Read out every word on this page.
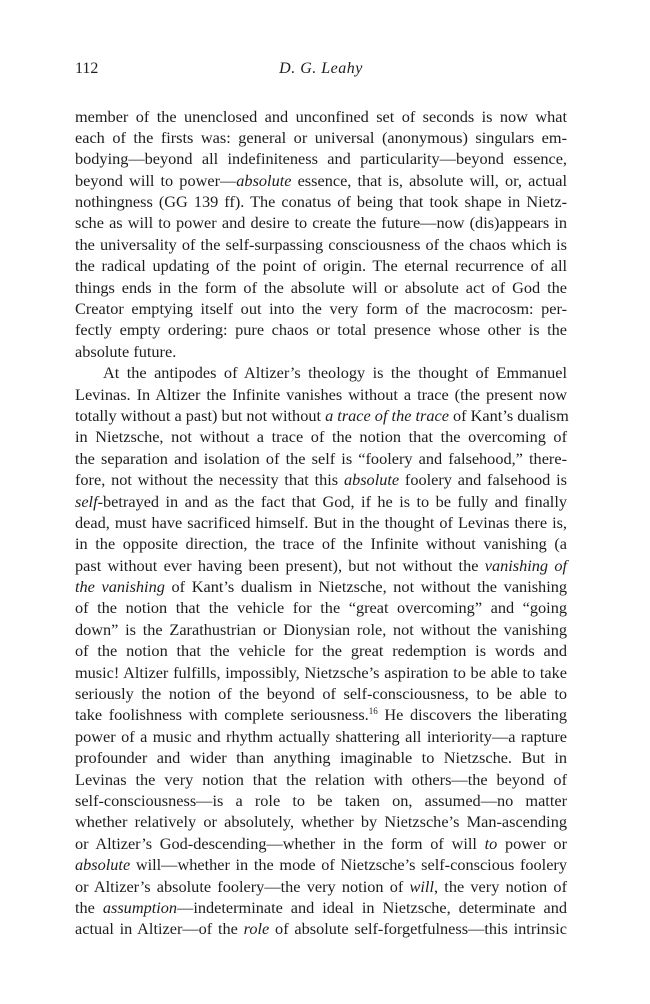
112	D. G. Leahy
member of the unenclosed and unconfined set of seconds is now what
each of the firsts was: general or universal (anonymous) singulars em-
bodying—beyond all indefiniteness and particularity—beyond essence,
beyond will to power—absolute essence, that is, absolute will, or, actual
nothingness (GG 139 ff). The conatus of being that took shape in Nietz-
sche as will to power and desire to create the future—now (dis)appears in
the universality of the self-surpassing consciousness of the chaos which is
the radical updating of the point of origin. The eternal recurrence of all
things ends in the form of the absolute will or absolute act of God the
Creator emptying itself out into the very form of the macrocosm: per-
fectly empty ordering: pure chaos or total presence whose other is the
absolute future.
At the antipodes of Altizer’s theology is the thought of Emmanuel
Levinas. In Altizer the Infinite vanishes without a trace (the present now
totally without a past) but not without a trace of the trace of Kant’s dualism
in Nietzsche, not without a trace of the notion that the overcoming of
the separation and isolation of the self is “foolery and falsehood,” there-
fore, not without the necessity that this absolute foolery and falsehood is
self-betrayed in and as the fact that God, if he is to be fully and finally
dead, must have sacrificed himself. But in the thought of Levinas there is,
in the opposite direction, the trace of the Infinite without vanishing (a
past without ever having been present), but not without the vanishing of
the vanishing of Kant’s dualism in Nietzsche, not without the vanishing
of the notion that the vehicle for the “great overcoming” and “going
down” is the Zarathustrian or Dionysian role, not without the vanishing
of the notion that the vehicle for the great redemption is words and
music! Altizer fulfills, impossibly, Nietzsche’s aspiration to be able to take
seriously the notion of the beyond of self-consciousness, to be able to
take foolishness with complete seriousness.$^{16}$ He discovers the liberating
power of a music and rhythm actually shattering all interiority—a rapture
profounder and wider than anything imaginable to Nietzsche. But in
Levinas the very notion that the relation with others—the beyond of
self-consciousness—is a role to be taken on, assumed—no matter
whether relatively or absolutely, whether by Nietzsche’s Man-ascending
or Altizer’s God-descending—whether in the form of will to power or
absolute will—whether in the mode of Nietzsche’s self-conscious foolery
or Altizer’s absolute foolery—the very notion of will, the very notion of
the assumption—indeterminate and ideal in Nietzsche, determinate and
actual in Altizer—of the role of absolute self-forgetfulness—this intrinsic
